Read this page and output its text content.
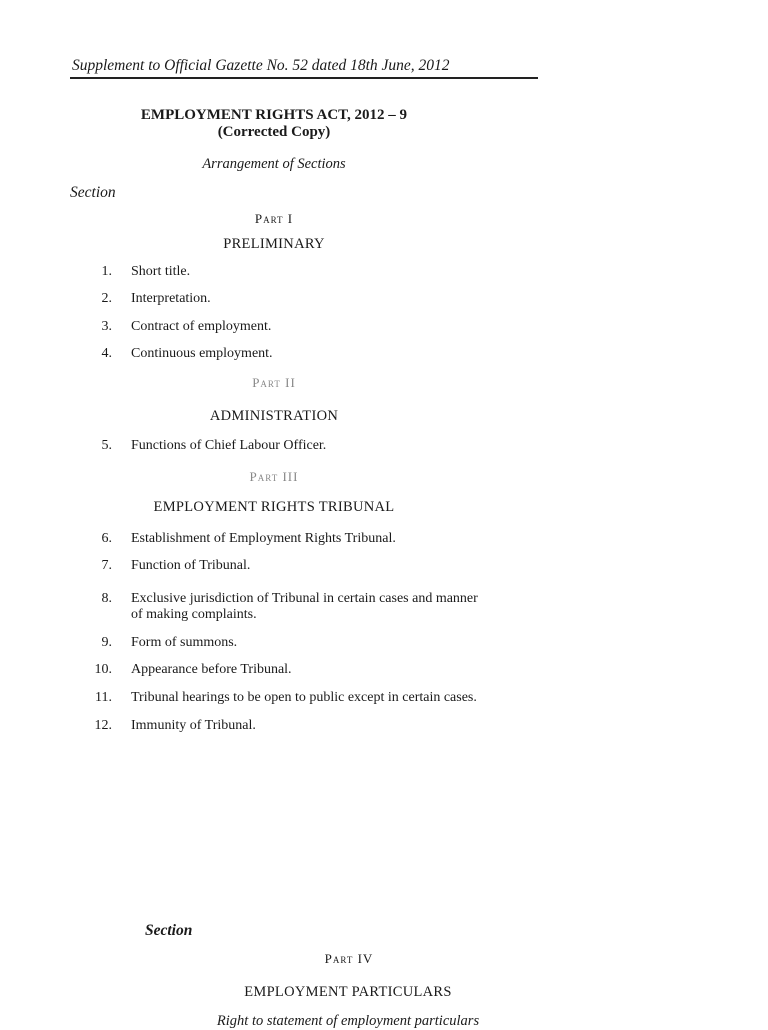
Supplement to Official Gazette No. 52 dated 18th June, 2012
EMPLOYMENT RIGHTS ACT, 2012 – 9
(Corrected Copy)
Arrangement of Sections
Section
Part I
PRELIMINARY
1. Short title.
2. Interpretation.
3. Contract of employment.
4. Continuous employment.
Part II
ADMINISTRATION
5. Functions of Chief Labour Officer.
Part III
EMPLOYMENT RIGHTS TRIBUNAL
6. Establishment of Employment Rights Tribunal.
7. Function of Tribunal.
8. Exclusive jurisdiction of Tribunal in certain cases and manner of making complaints.
9. Form of summons.
10. Appearance before Tribunal.
11. Tribunal hearings to be open to public except in certain cases.
12. Immunity of Tribunal.
Section
Part IV
EMPLOYMENT PARTICULARS
Right to statement of employment particulars
